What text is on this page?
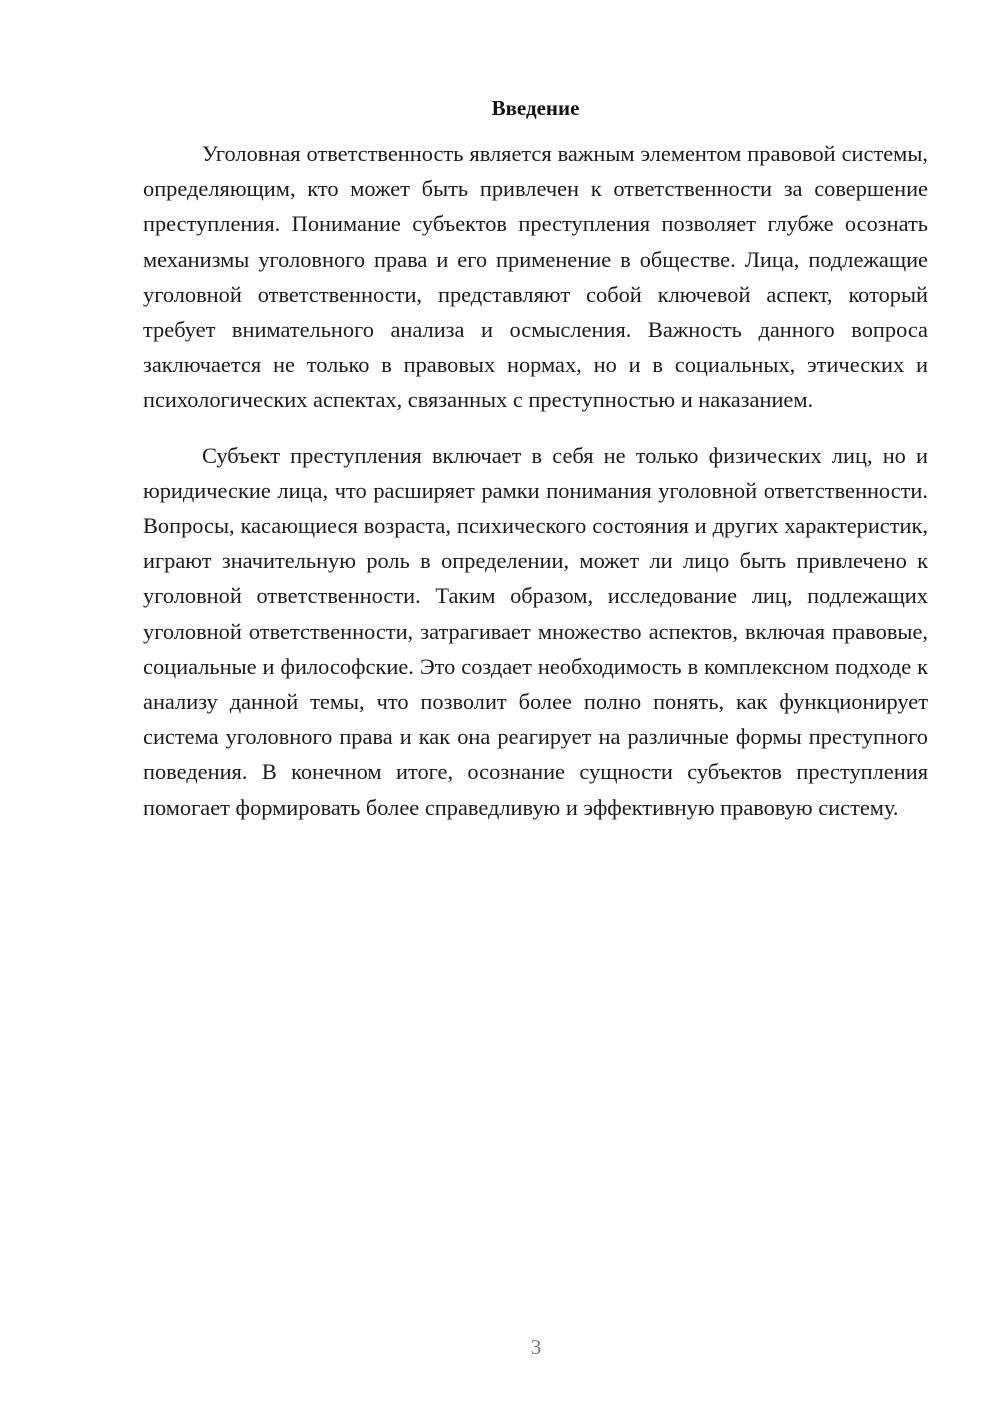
Введение

Уголовная ответственность является важным элементом правовой системы, определяющим, кто может быть привлечен к ответственности за совершение преступления. Понимание субъектов преступления позволяет глубже осознать механизмы уголовного права и его применение в обществе. Лица, подлежащие уголовной ответственности, представляют собой ключевой аспект, который требует внимательного анализа и осмысления. Важность данного вопроса заключается не только в правовых нормах, но и в социальных, этических и психологических аспектах, связанных с преступностью и наказанием.

Субъект преступления включает в себя не только физических лиц, но и юридические лица, что расширяет рамки понимания уголовной ответственности. Вопросы, касающиеся возраста, психического состояния и других характеристик, играют значительную роль в определении, может ли лицо быть привлечено к уголовной ответственности. Таким образом, исследование лиц, подлежащих уголовной ответственности, затрагивает множество аспектов, включая правовые, социальные и философские. Это создает необходимость в комплексном подходе к анализу данной темы, что позволит более полно понять, как функционирует система уголовного права и как она реагирует на различные формы преступного поведения. В конечном итоге, осознание сущности субъектов преступления помогает формировать более справедливую и эффективную правовую систему.

3
